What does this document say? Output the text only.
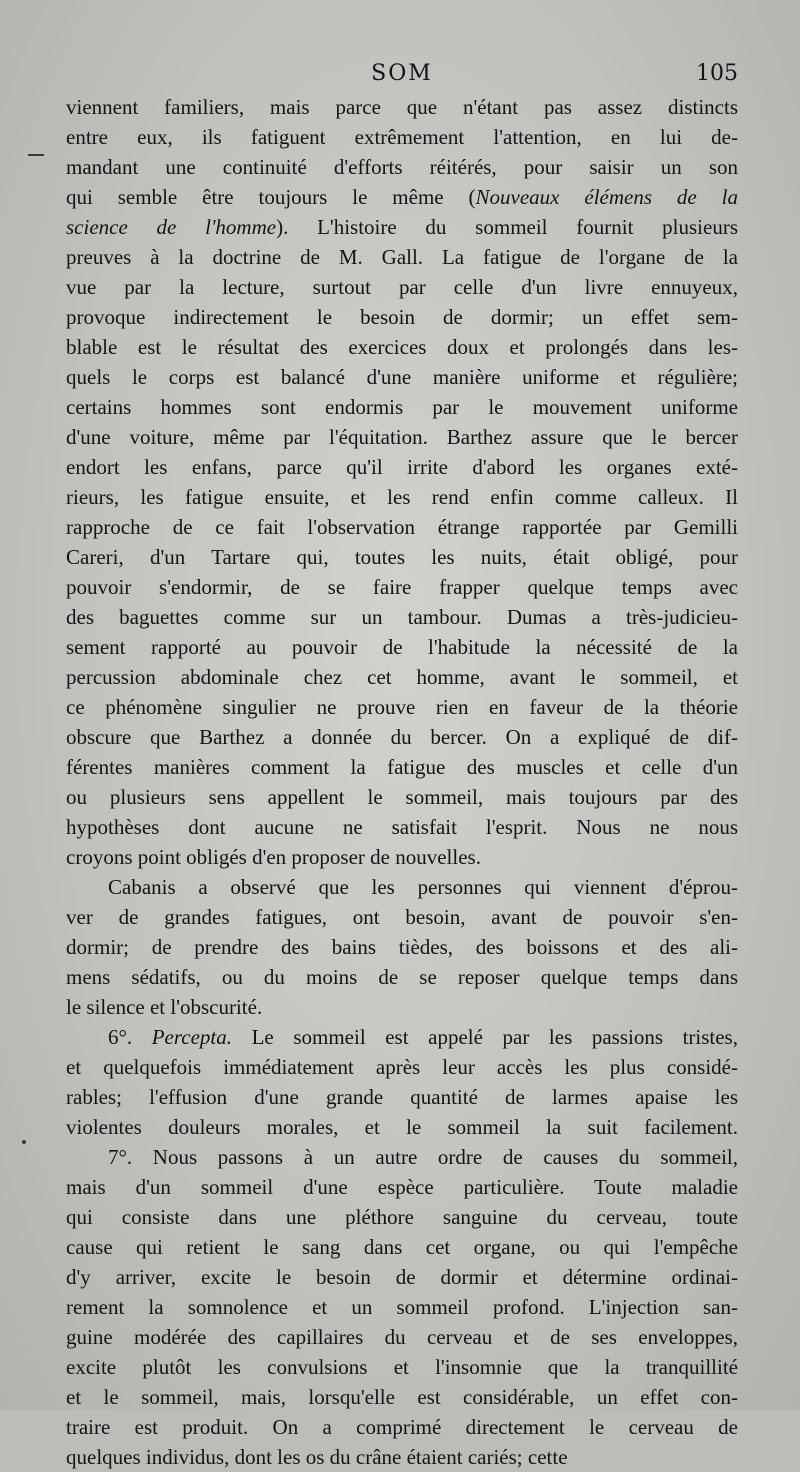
SOM	105
viennent familiers, mais parce que n'étant pas assez distincts
entre eux, ils fatiguent extrêmement l'attention, en lui de-
mandant une continuité d'efforts réitérés, pour saisir un son
qui semble être toujours le même (Nouveaux élémens de la
science de l'homme). L'histoire du sommeil fournit plusieurs
preuves à la doctrine de M. Gall. La fatigue de l'organe de la
vue par la lecture, surtout par celle d'un livre ennuyeux,
provoque indirectement le besoin de dormir; un effet sem-
blable est le résultat des exercices doux et prolongés dans les-
quels le corps est balancé d'une manière uniforme et régulière;
certains hommes sont endormis par le mouvement uniforme
d'une voiture, même par l'équitation. Barthez assure que le bercer
endort les enfans, parce qu'il irrite d'abord les organes exté-
rieurs, les fatigue ensuite, et les rend enfin comme calleux. Il
rapproche de ce fait l'observation étrange rapportée par Gemilli
Careri, d'un Tartare qui, toutes les nuits, était obligé, pour
pouvoir s'endormir, de se faire frapper quelque temps avec
des baguettes comme sur un tambour. Dumas a très-judicieu-
sement rapporté au pouvoir de l'habitude la nécessité de la
percussion abdominale chez cet homme, avant le sommeil, et
ce phénomène singulier ne prouve rien en faveur de la théorie
obscure que Barthez a donnée du bercer. On a expliqué de dif-
férentes manières comment la fatigue des muscles et celle d'un
ou plusieurs sens appellent le sommeil, mais toujours par des
hypothèses dont aucune ne satisfait l'esprit. Nous ne nous
croyons point obligés d'en proposer de nouvelles.
Cabanis a observé que les personnes qui viennent d'éprou-
ver de grandes fatigues, ont besoin, avant de pouvoir s'en-
dormir; de prendre des bains tièdes, des boissons et des ali-
mens sédatifs, ou du moins de se reposer quelque temps dans
le silence et l'obscurité.
6°. Percepta. Le sommeil est appelé par les passions tristes,
et quelquefois immédiatement après leur accès les plus considé-
rables; l'effusion d'une grande quantité de larmes apaise les
violentes douleurs morales, et le sommeil la suit facilement.
7°. Nous passons à un autre ordre de causes du sommeil,
mais d'un sommeil d'une espèce particulière. Toute maladie
qui consiste dans une pléthore sanguine du cerveau, toute
cause qui retient le sang dans cet organe, ou qui l'empêche
d'y arriver, excite le besoin de dormir et détermine ordinai-
rement la somnolence et un sommeil profond. L'injection san-
guine modérée des capillaires du cerveau et de ses enveloppes,
excite plutôt les convulsions et l'insomnie que la tranquillité
et le sommeil, mais, lorsqu'elle est considérable, un effet con-
traire est produit. On a comprimé directement le cerveau de
quelques individus, dont les os du crâne étaient cariés; cette
